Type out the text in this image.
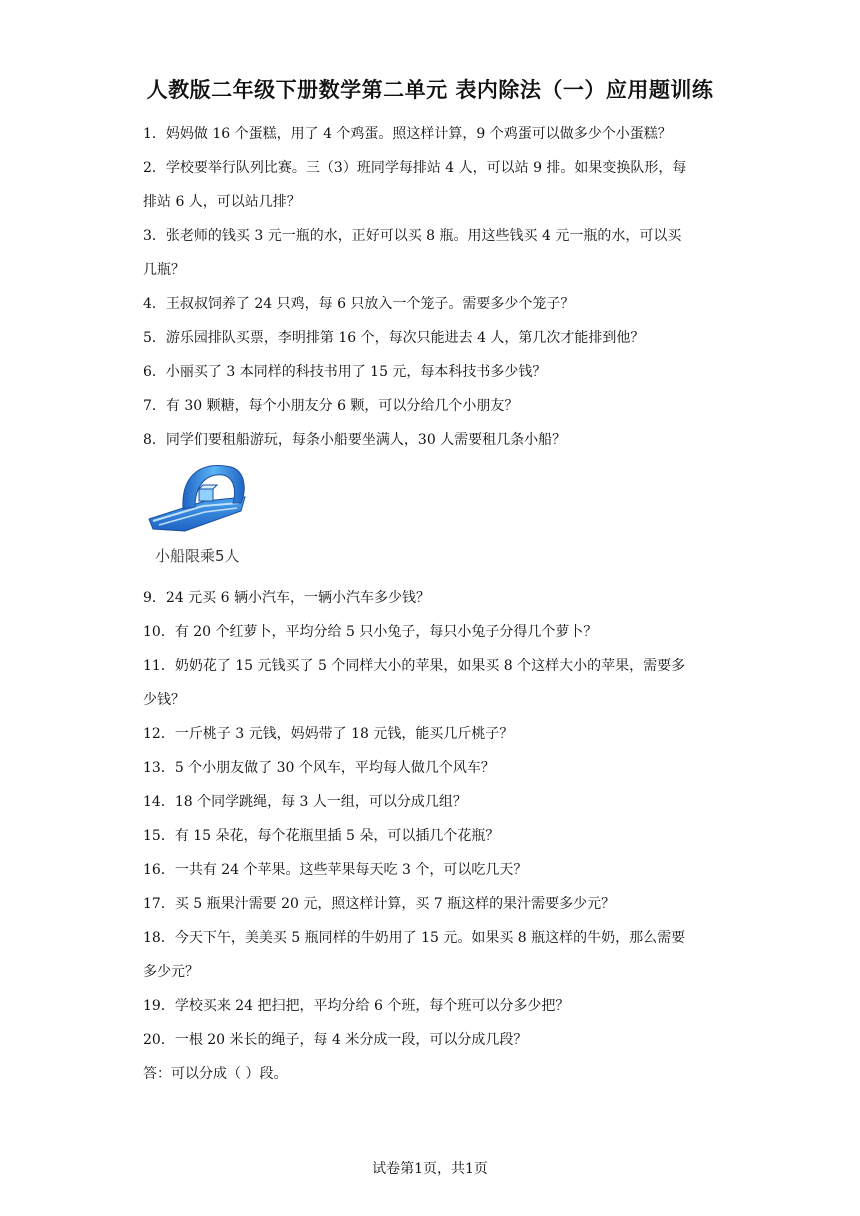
人教版二年级下册数学第二单元 表内除法（一）应用题训练
1．妈妈做 16 个蛋糕，用了 4 个鸡蛋。照这样计算，9 个鸡蛋可以做多少个小蛋糕？
2．学校要举行队列比赛。三（3）班同学每排站 4 人，可以站 9 排。如果变换队形，每
排站 6 人，可以站几排？
3．张老师的钱买 3 元一瓶的水，正好可以买 8 瓶。用这些钱买 4 元一瓶的水，可以买
几瓶？
4．王叔叔饲养了 24 只鸡，每 6 只放入一个笼子。需要多少个笼子？
5．游乐园排队买票，李明排第 16 个，每次只能进去 4 人，第几次才能排到他？
6．小丽买了 3 本同样的科技书用了 15 元，每本科技书多少钱？
7．有 30 颗糖，每个小朋友分 6 颗，可以分给几个小朋友？
8．同学们要租船游玩，每条小船要坐满人，30 人需要租几条小船？
小船限乘5人
9．24 元买 6 辆小汽车，一辆小汽车多少钱？
10．有 20 个红萝卜，平均分给 5 只小兔子，每只小兔子分得几个萝卜？
11．奶奶花了 15 元钱买了 5 个同样大小的苹果，如果买 8 个这样大小的苹果，需要多
少钱？
12．一斤桃子 3 元钱，妈妈带了 18 元钱，能买几斤桃子？
13．5 个小朋友做了 30 个风车，平均每人做几个风车？
14．18 个同学跳绳，每 3 人一组，可以分成几组？
15．有 15 朵花，每个花瓶里插 5 朵，可以插几个花瓶？
16．一共有 24 个苹果。这些苹果每天吃 3 个，可以吃几天？
17．买 5 瓶果汁需要 20 元，照这样计算，买 7 瓶这样的果汁需要多少元？
18．今天下午，美美买 5 瓶同样的牛奶用了 15 元。如果买 8 瓶这样的牛奶，那么需要
多少元？
19．学校买来 24 把扫把，平均分给 6 个班，每个班可以分多少把？
20．一根 20 米长的绳子，每 4 米分成一段，可以分成几段？
答：可以分成（ ）段。
试卷第1页，共1页
